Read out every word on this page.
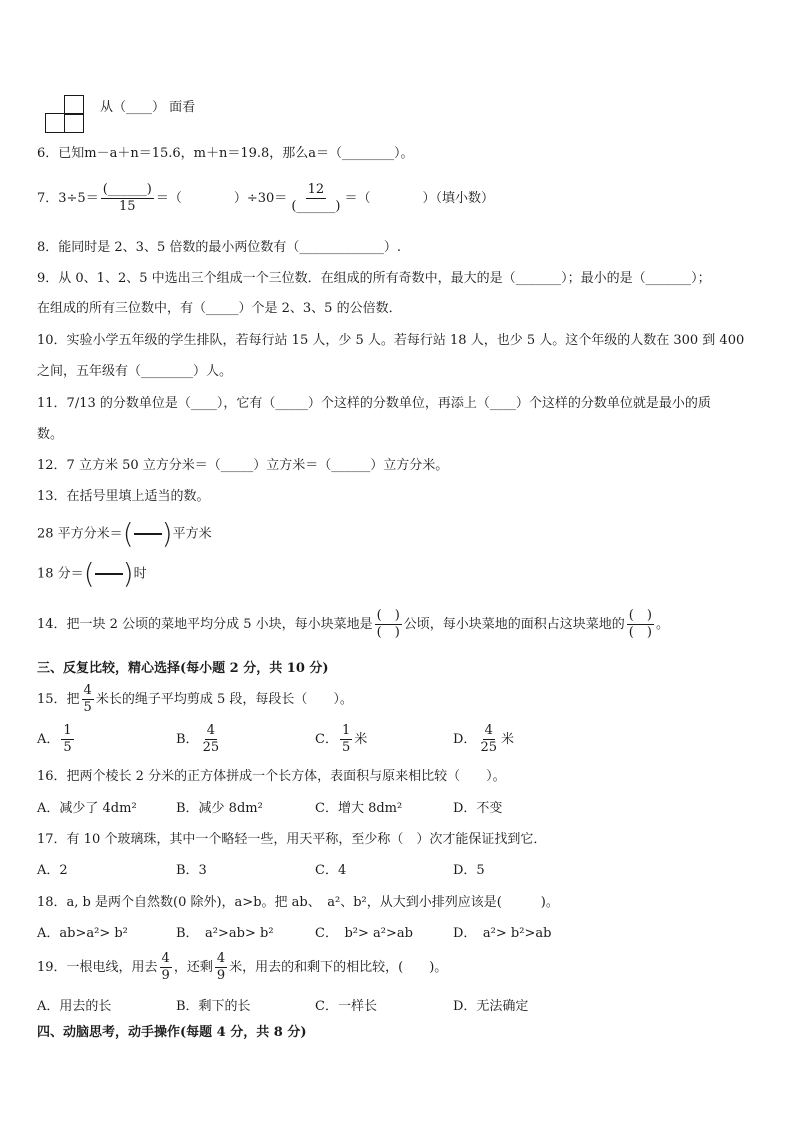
从（____） 面看
6．已知m－a＋n＝15.6，m＋n＝19.8，那么a＝（________）。
7．$3\div 5= \frac{(\_\_\_\_\_\_)}{15}$ ＝（　　　　）$\div 30= \frac{12}{(\_\_\_\_\_\_)}$ ＝（　　　　）（填小数）
8．能同时是 2、3、5 倍数的最小两位数有（_____________）.
9．从 0、1、2、5 中选出三个组成一个三位数．在组成的所有奇数中，最大的是（_______）；最小的是（_______）；
在组成的所有三位数中，有（_____）个是 2、3、5 的公倍数．
10．实验小学五年级的学生排队，若每行站 15 人，少 5 人。若每行站 18 人，也少 5 人。这个年级的人数在 300 到 400
之间，五年级有（________）人。
11．7/13 的分数单位是（____），它有（_____）个这样的分数单位，再添上（____）个这样的分数单位就是最小的质
数。
12．7 立方米 50 立方分米＝（_____）立方米＝（______）立方分米。
13．在括号里填上适当的数。
28 平方分米＝( )平方米
18 分＝( )时
14．把一块 2 公顷的菜地平均分成 5 小块，每小块菜地是 $\frac{( )}{( )}$ 公顷，每小块菜地的面积占这块菜地的 $\frac{( )}{( )}$ 。
三、反复比较，精心选择(每小题 2 分，共 10 分)
15．把 $\frac{4}{5}$ 米长的绳子平均剪成 5 段，每段长（　　）。
A． $\frac{1}{5}$	B． $\frac{4}{25}$	C． $\frac{1}{5}$ 米	D． $\frac{4}{25}$ 米
16．把两个棱长 2 分米的正方体拼成一个长方体，表面积与原来相比较（　　）。
A．减少了 4dm²	B．减少 8dm²	C．增大 8dm²	D．不变
17．有 10 个玻璃珠，其中一个略轻一些，用天平称，至少称（　）次才能保证找到它．
A．2	B．3	C．4	D．5
18．a, b 是两个自然数(0 除外)，a>b。把 ab、　a²、b²，从大到小排列应该是(　　　)。
A．ab>a²> b²	B．　a²>ab> b²	C．　b²> a²>ab	D．　a²> b²>ab
19．一根电线，用去 $\frac{4}{9}$ ，还剩 $\frac{4}{9}$ 米，用去的和剩下的相比较，(　　)。
A．用去的长	B．剩下的长	C．一样长	D．无法确定
四、动脑思考，动手操作(每题 4 分，共 8 分)
